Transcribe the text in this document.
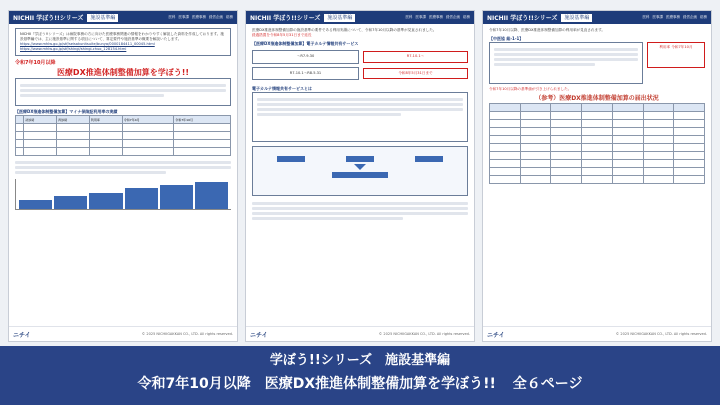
NICHII 学ぼう!!シリーズ	施設基準編	医科 医事課 医療事務 経営企画 総務
NICHII『学ぼう!!シリーズ』は病院事務の方に向けた医療事務関連の情報をわかりやすく解説した資料を作成しております。施設基準編では、主に施設基準に関する項目について、算定要件や施設基準の概要を解説いたします。
https://www.mhlw.go.jp/stf/seisakunitsuite/bunya/0000184411_00045.html
https://www.mhlw.go.jp/stf/shingi/shingi-chuo_128154.html
令和7年10月以降
医療DX推進体制整備加算を学ぼう!!
【医療DX推進体制整備加算】マイナ保険証利用率の実績
	初診時	再診時	利用率	令和7年4月	令和7年10月

ニチイ	© 2025 NICHIIGAKKAN CO., LTD. All rights reserved.
NICHII 学ぼう!!シリーズ	施設基準編	医科 医事課 医療事務 経営企画 総務
医療DX推進体制整備加算の施設基準の要件である利用実績について、令和7年10月以降の基準が見直されました。
経過措置を令和8年5月31日まで延長
【医療DX推進体制整備加算】電子カルテ情報共有サービス
～R7.9.30	R7.10.1～
R7.10.1～R8.5.31	令和8年5月31日まで
電子カルテ情報共有サービスとは

ニチイ	© 2025 NICHIIGAKKAN CO., LTD. All rights reserved.
NICHII 学ぼう!!シリーズ	施設基準編	医科 医事課 医療事務 経営企画 総務
令和7年10月以降、医療DX推進体制整備加算の利用率が見直されます。
【中医協 総-1-1】
利用率 令和7年10月
令和7年10月以降の基準値が引き上げられました。
（参考）医療DX推進体制整備加算の届出状況

ニチイ	© 2025 NICHIIGAKKAN CO., LTD. All rights reserved.
学ぼう!!シリーズ　施設基準編
令和7年10月以降　医療DX推進体制整備加算を学ぼう!! 全６ページ
